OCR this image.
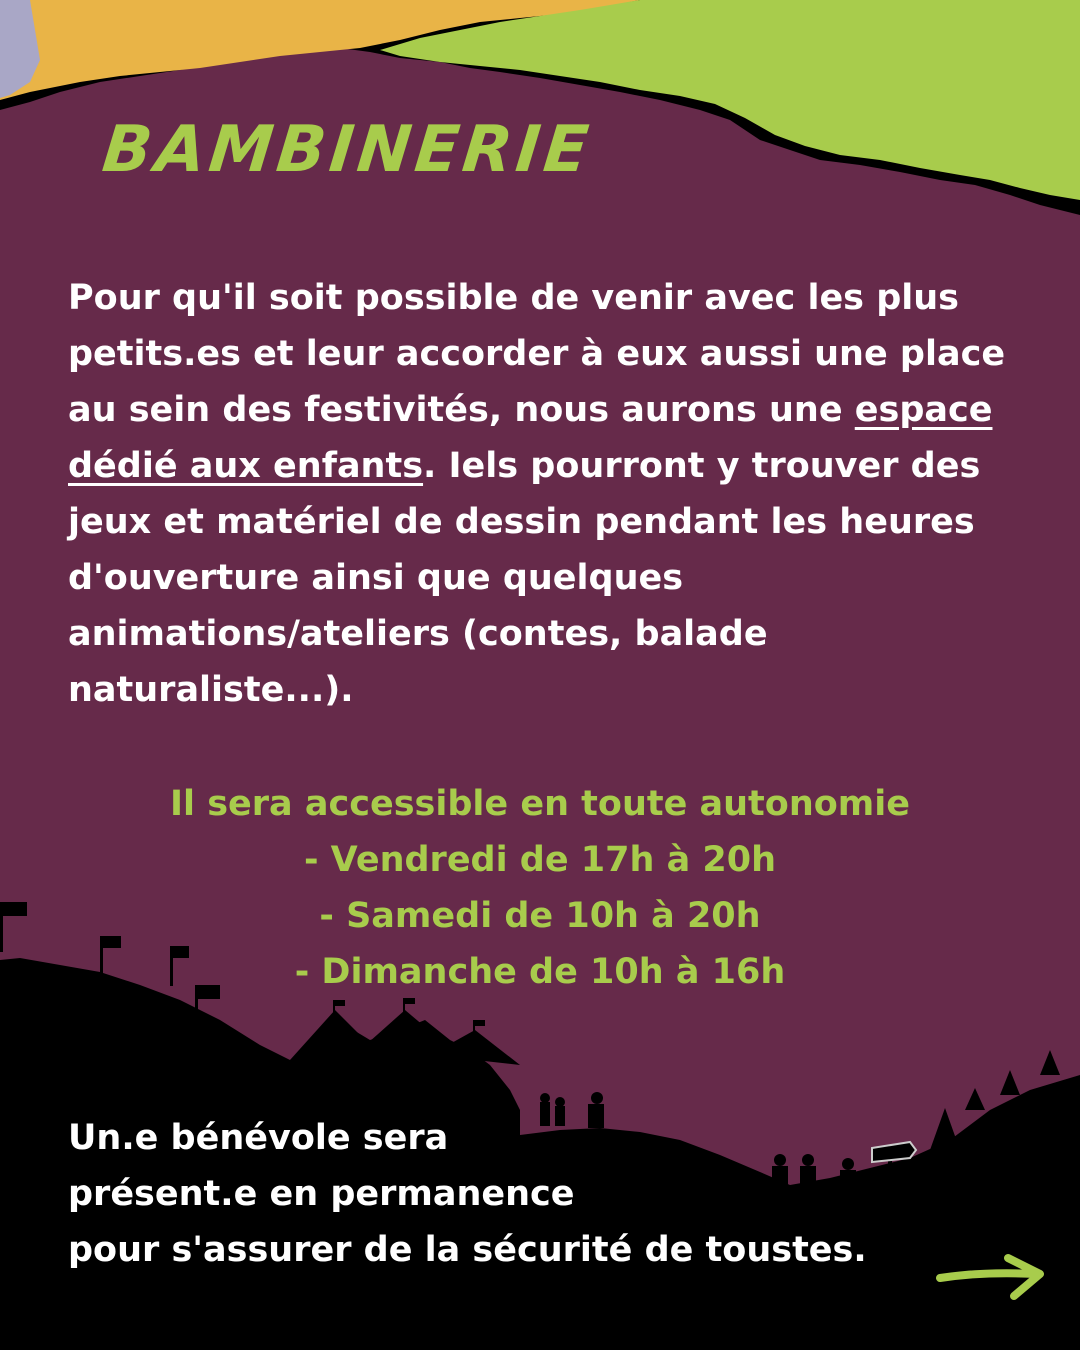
BAMBINERIE

Pour qu'il soit possible de venir avec les plus petits.es et leur accorder à eux aussi une place au sein des festivités, nous aurons une espace dédié aux enfants. Iels pourront y trouver des jeux et matériel de dessin pendant les heures d'ouverture ainsi que quelques animations/ateliers (contes, balade naturaliste...).

Il sera accessible en toute autonomie
- Vendredi de 17h à 20h
- Samedi de 10h à 20h
- Dimanche de 10h à 16h
Un.e bénévole sera
présent.e en permanence
pour s'assurer de la sécurité de toustes.
